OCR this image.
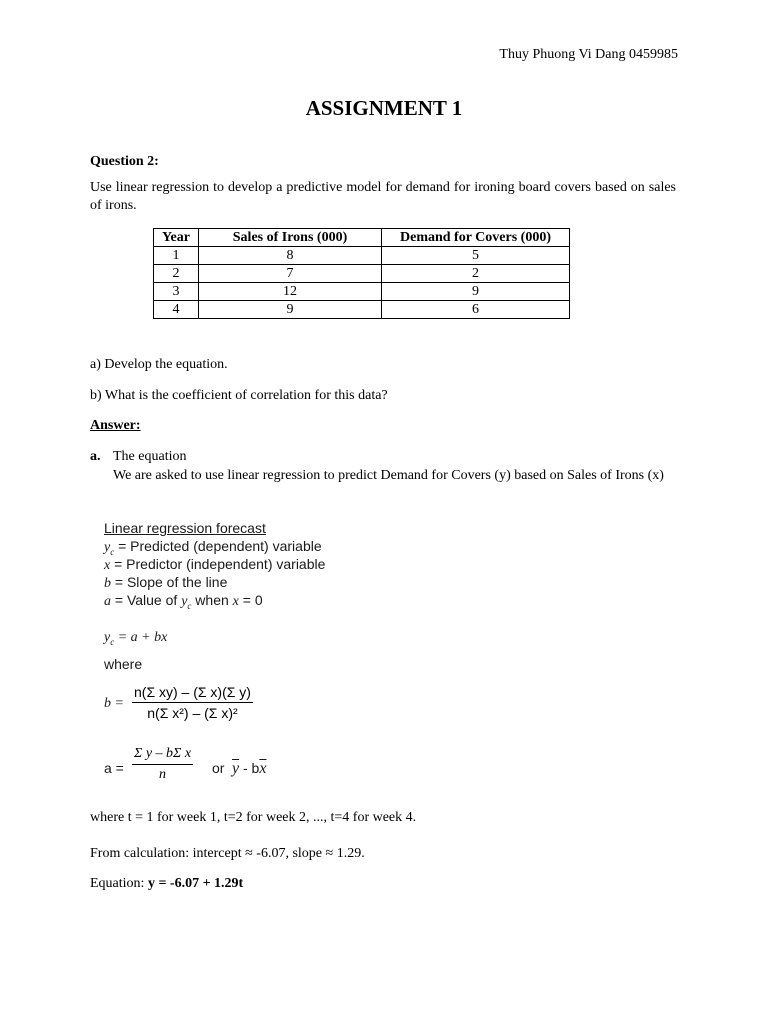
Thuy Phuong Vi Dang 0459985
ASSIGNMENT 1
Question 2:
Use linear regression to develop a predictive model for demand for ironing board covers based on sales of irons.
Year	Sales of Irons (000)	Demand for Covers (000)
1	8	5
2	7	2
3	12	9
4	9	6
a) Develop the equation.
b) What is the coefficient of correlation for this data?
Answer:
a. The equation
We are asked to use linear regression to predict Demand for Covers (y) based on Sales of Irons (x)
Linear regression forecast
$y_c$ = Predicted (dependent) variable
x = Predictor (independent) variable
b = Slope of the line
a = Value of $y_c$ when x = 0
$y_c = a$ + bx
where
$b = \frac{\text{n(Σ xy) – (Σ x)(Σ y)}}{\text{n(Σ x²) – (Σ x)²}}$
$a = \frac{\text{Σ y – bΣ x}}{n}$ or $\overline{y} - b\overline{x}$
where t = 1 for week 1, t=2 for week 2, ..., t=4 for week 4.
From calculation: intercept ≈ -6.07, slope ≈ 1.29.
Equation: y = -6.07 + 1.29t
